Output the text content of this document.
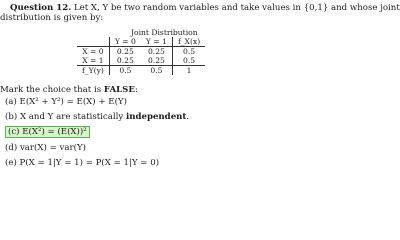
Question 12. Let X, Y be two random variables and take values in {0,1} and whose joint
distribution is given by:
Joint Distribution
	Y = 0	Y = 1	f_X(x)
X = 0	0.25	0.25	0.5
X = 1	0.25	0.25	0.5
f_Y(y)	0.5	0.5	1
Mark the choice that is FALSE:
(a) E(X² + Y²) = E(X) + E(Y)
(b) X and Y are statistically independent.
(c) E(X²) = (E(X))²
(d) var(X) = var(Y)
(e) P(X = 1|Y = 1) = P(X = 1|Y = 0)
